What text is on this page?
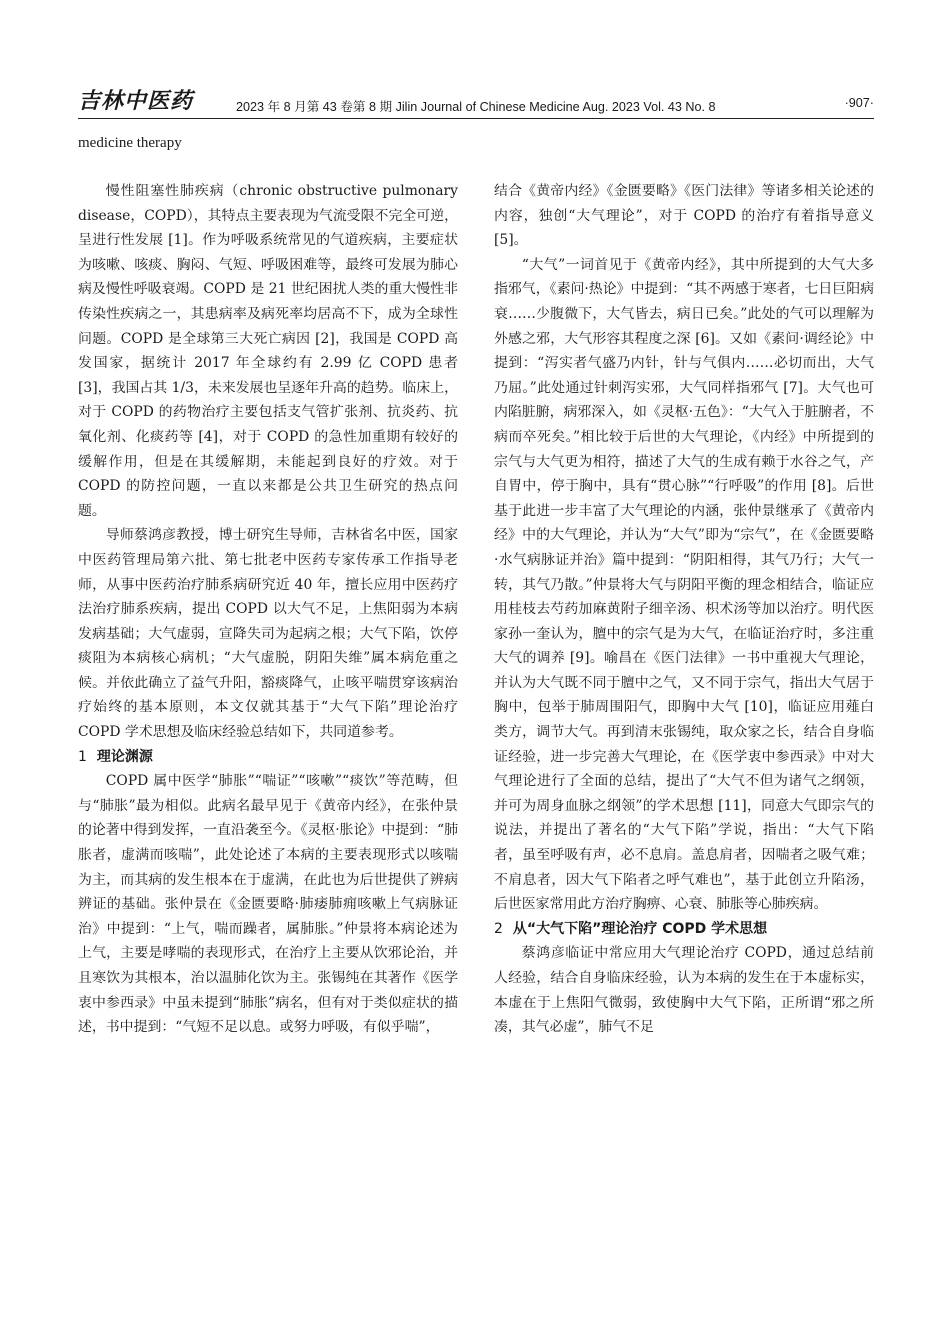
吉林中医药	2023 年 8 月第 43 卷第 8 期 Jilin Journal of Chinese Medicine Aug. 2023 Vol. 43 No. 8	·907·
medicine therapy

慢性阻塞性肺疾病（chronic obstructive pulmonary disease，COPD），其特点主要表现为气流受限不完全可逆，呈进行性发展 [1]。作为呼吸系统常见的气道疾病，主要症状为咳嗽、咳痰、胸闷、气短、呼吸困难等，最终可发展为肺心病及慢性呼吸衰竭。COPD 是 21 世纪困扰人类的重大慢性非传染性疾病之一，其患病率及病死率均居高不下，成为全球性问题。COPD 是全球第三大死亡病因 [2]，我国是 COPD 高发国家，据统计 2017 年全球约有 2.99 亿 COPD 患者 [3]，我国占其 1/3，未来发展也呈逐年升高的趋势。临床上，对于 COPD 的药物治疗主要包括支气管扩张剂、抗炎药、抗氧化剂、化痰药等 [4]，对于 COPD 的急性加重期有较好的缓解作用，但是在其缓解期，未能起到良好的疗效。对于 COPD 的防控问题，一直以来都是公共卫生研究的热点问题。

导师蔡鸿彦教授，博士研究生导师，吉林省名中医，国家中医药管理局第六批、第七批老中医药专家传承工作指导老师，从事中医药治疗肺系病研究近 40 年，擅长应用中医药疗法治疗肺系疾病，提出 COPD 以大气不足，上焦阳弱为本病发病基础；大气虚弱，宣降失司为起病之根；大气下陷，饮停痰阻为本病核心病机；“大气虚脱，阴阳失维”属本病危重之候。并依此确立了益气升阳，豁痰降气，止咳平喘贯穿该病治疗始终的基本原则，本文仅就其基于“大气下陷”理论治疗 COPD 学术思想及临床经验总结如下，共同道参考。

1 理论渊源

COPD 属中医学“肺胀”“喘证”“咳嗽”“痰饮”等范畴，但与“肺胀”最为相似。此病名最早见于《黄帝内经》，在张仲景的论著中得到发挥，一直沿袭至今。《灵枢·胀论》中提到：“肺胀者，虚满而咳喘”，此处论述了本病的主要表现形式以咳喘为主，而其病的发生根本在于虚满，在此也为后世提供了辨病辨证的基础。张仲景在《金匮要略·肺痿肺痈咳嗽上气病脉证治》中提到：“上气，喘而躁者，属肺胀。”仲景将本病论述为上气，主要是哮喘的表现形式，在治疗上主要从饮邪论治，并且寒饮为其根本，治以温肺化饮为主。张锡纯在其著作《医学衷中参西录》中虽未提到“肺胀”病名，但有对于类似症状的描述，书中提到：“气短不足以息。或努力呼吸，有似乎喘”，

结合《黄帝内经》《金匮要略》《医门法律》等诸多相关论述的内容，独创“大气理论”，对于 COPD 的治疗有着指导意义 [5]。

“大气”一词首见于《黄帝内经》，其中所提到的大气大多指邪气，《素问·热论》中提到：“其不两感于寒者，七日巨阳病衰……少腹微下，大气皆去，病日已矣。”此处的气可以理解为外感之邪，大气形容其程度之深 [6]。又如《素问·调经论》中提到：“泻实者气盛乃内针，针与气俱内……必切而出，大气乃屈。”此处通过针刺泻实邪，大气同样指邪气 [7]。大气也可内陷脏腑，病邪深入，如《灵枢·五色》：“大气入于脏腑者，不病而卒死矣。”相比较于后世的大气理论，《内经》中所提到的宗气与大气更为相符，描述了大气的生成有赖于水谷之气，产自胃中，停于胸中，具有“贯心脉”“行呼吸”的作用 [8]。后世基于此进一步丰富了大气理论的内涵，张仲景继承了《黄帝内经》中的大气理论，并认为“大气”即为“宗气”，在《金匮要略·水气病脉证并治》篇中提到：“阴阳相得，其气乃行；大气一转，其气乃散。”仲景将大气与阴阳平衡的理念相结合，临证应用桂枝去芍药加麻黄附子细辛汤、枳术汤等加以治疗。明代医家孙一奎认为，膻中的宗气是为大气，在临证治疗时，多注重大气的调养 [9]。喻昌在《医门法律》一书中重视大气理论，并认为大气既不同于膻中之气，又不同于宗气，指出大气居于胸中，包举于肺周围阳气，即胸中大气 [10]，临证应用薤白类方，调节大气。再到清末张锡纯，取众家之长，结合自身临证经验，进一步完善大气理论，在《医学衷中参西录》中对大气理论进行了全面的总结，提出了“大气不但为诸气之纲领，并可为周身血脉之纲领”的学术思想 [11]，同意大气即宗气的说法，并提出了著名的“大气下陷”学说，指出：“大气下陷者，虽至呼吸有声，必不息肩。盖息肩者，因喘者之吸气难；不肩息者，因大气下陷者之呼气难也”，基于此创立升陷汤，后世医家常用此方治疗胸痹、心衰、肺胀等心肺疾病。

2 从“大气下陷”理论治疗 COPD 学术思想

蔡鸿彦临证中常应用大气理论治疗 COPD，通过总结前人经验，结合自身临床经验，认为本病的发生在于本虚标实，本虚在于上焦阳气微弱，致使胸中大气下陷，正所谓“邪之所凑，其气必虚”，肺气不足
